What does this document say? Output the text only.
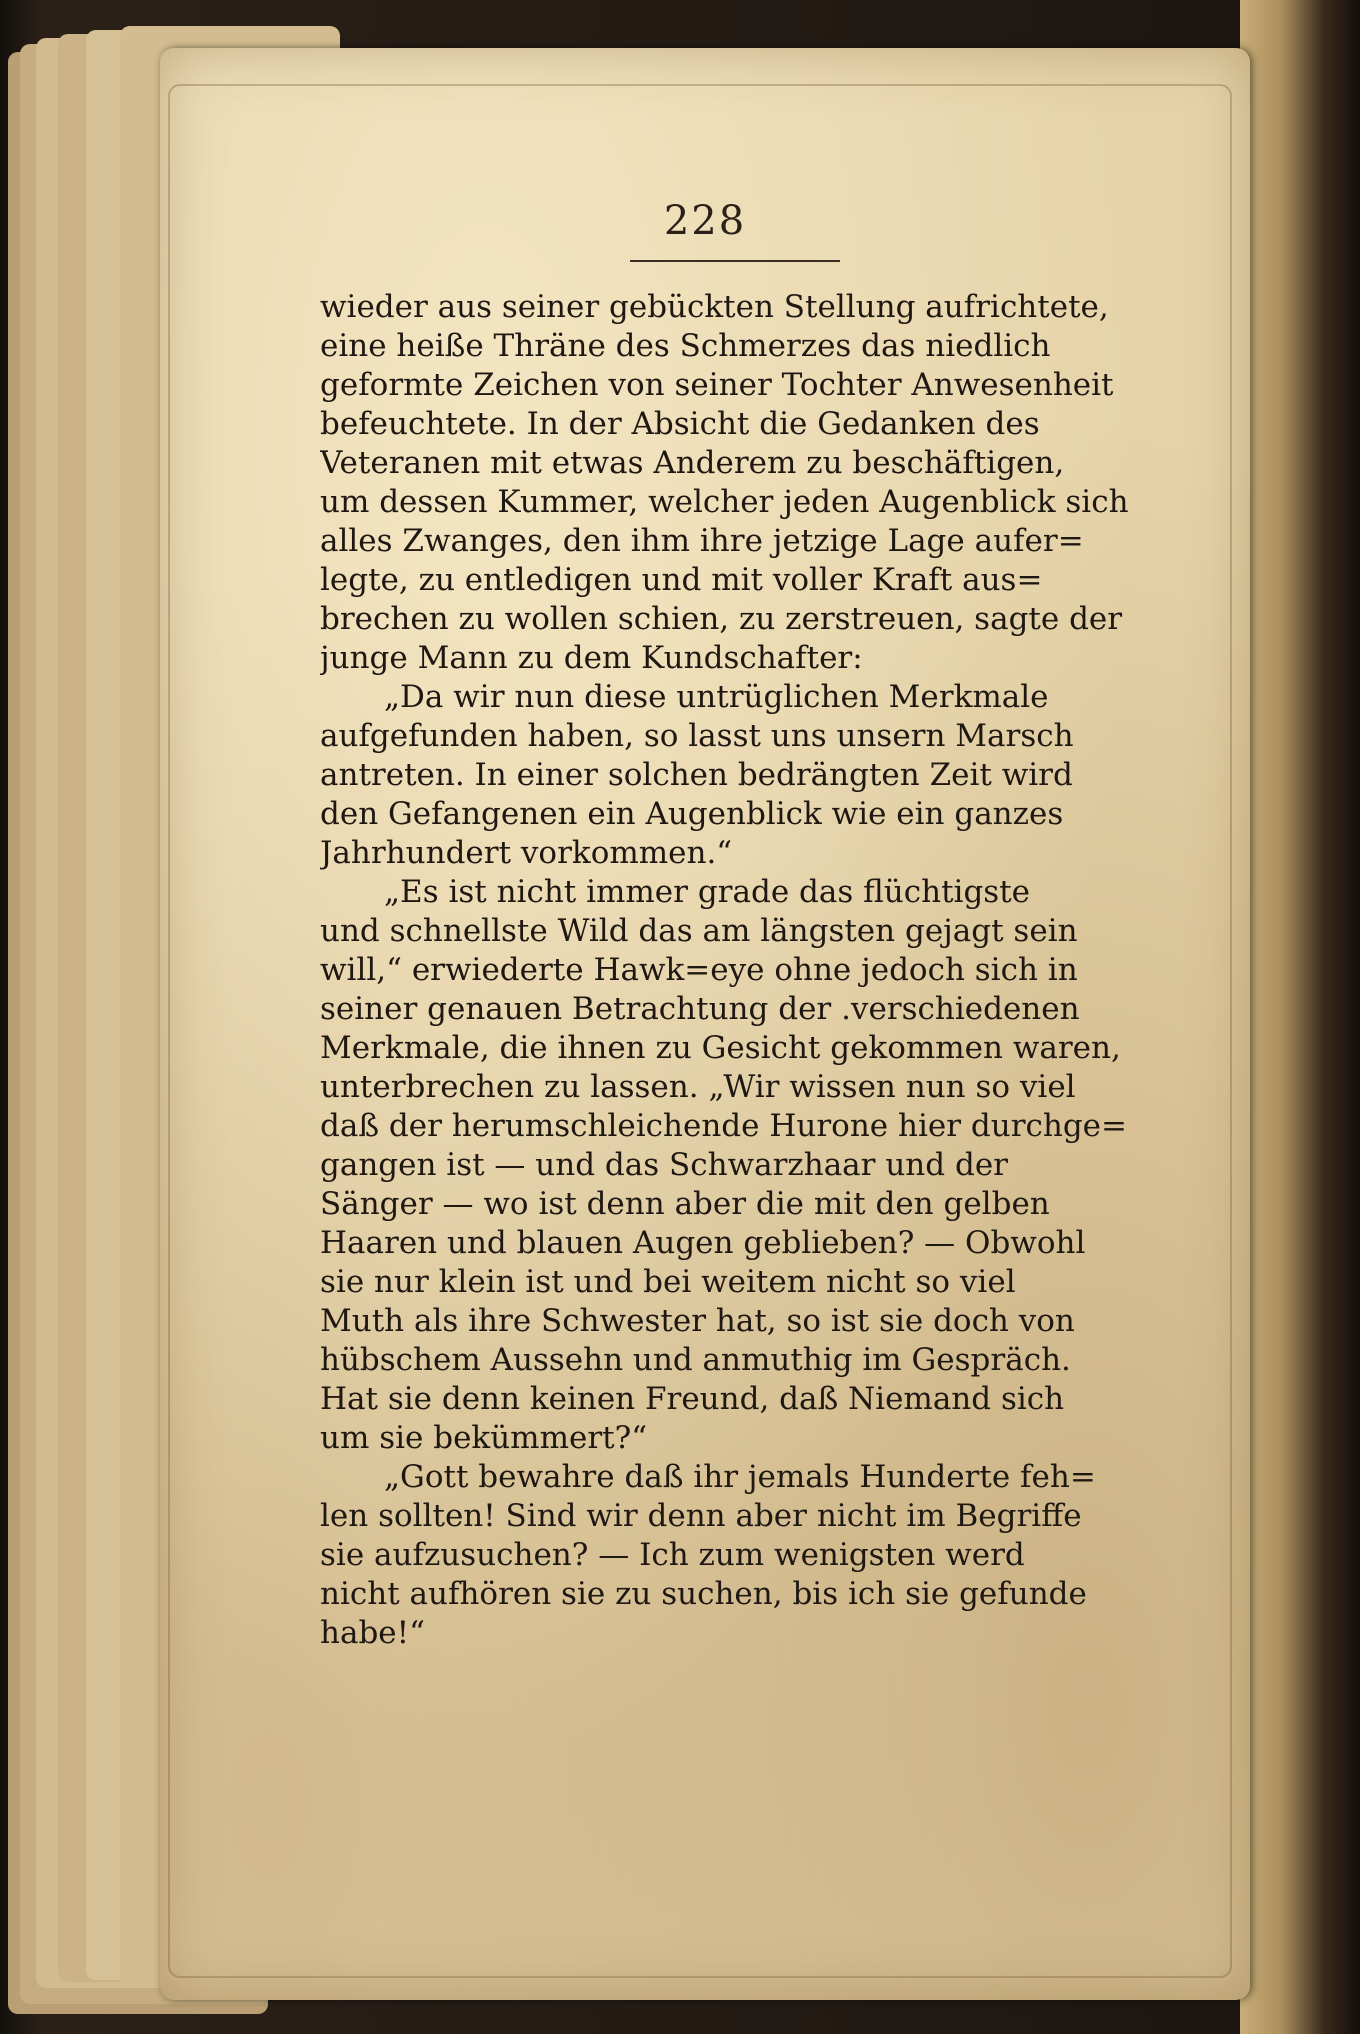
228
wieder aus seiner gebückten Stellung aufrichtete,
eine heiße Thräne des Schmerzes das niedlich
geformte Zeichen von seiner Tochter Anwesenheit
befeuchtete. In der Absicht die Gedanken des
Veteranen mit etwas Anderem zu beschäftigen,
um dessen Kummer, welcher jeden Augenblick sich
alles Zwanges, den ihm ihre jetzige Lage aufer=
legte, zu entledigen und mit voller Kraft aus=
brechen zu wollen schien, zu zerstreuen, sagte der
junge Mann zu dem Kundschafter:
„Da wir nun diese untrüglichen Merkmale
aufgefunden haben, so lasst uns unsern Marsch
antreten. In einer solchen bedrängten Zeit wird
den Gefangenen ein Augenblick wie ein ganzes
Jahrhundert vorkommen.“
„Es ist nicht immer grade das flüchtigste
und schnellste Wild das am längsten gejagt sein
will,“ erwiederte Hawk=eye ohne jedoch sich in
seiner genauen Betrachtung der .verschiedenen
Merkmale, die ihnen zu Gesicht gekommen waren,
unterbrechen zu lassen. „Wir wissen nun so viel
daß der herumschleichende Hurone hier durchge=
gangen ist — und das Schwarzhaar und der
Sänger — wo ist denn aber die mit den gelben
Haaren und blauen Augen geblieben? — Obwohl
sie nur klein ist und bei weitem nicht so viel
Muth als ihre Schwester hat, so ist sie doch von
hübschem Aussehn und anmuthig im Gespräch.
Hat sie denn keinen Freund, daß Niemand sich
um sie bekümmert?“
„Gott bewahre daß ihr jemals Hunderte feh=
len sollten! Sind wir denn aber nicht im Begriffe
sie aufzusuchen? — Ich zum wenigsten werd
nicht aufhören sie zu suchen, bis ich sie gefunde
habe!“
